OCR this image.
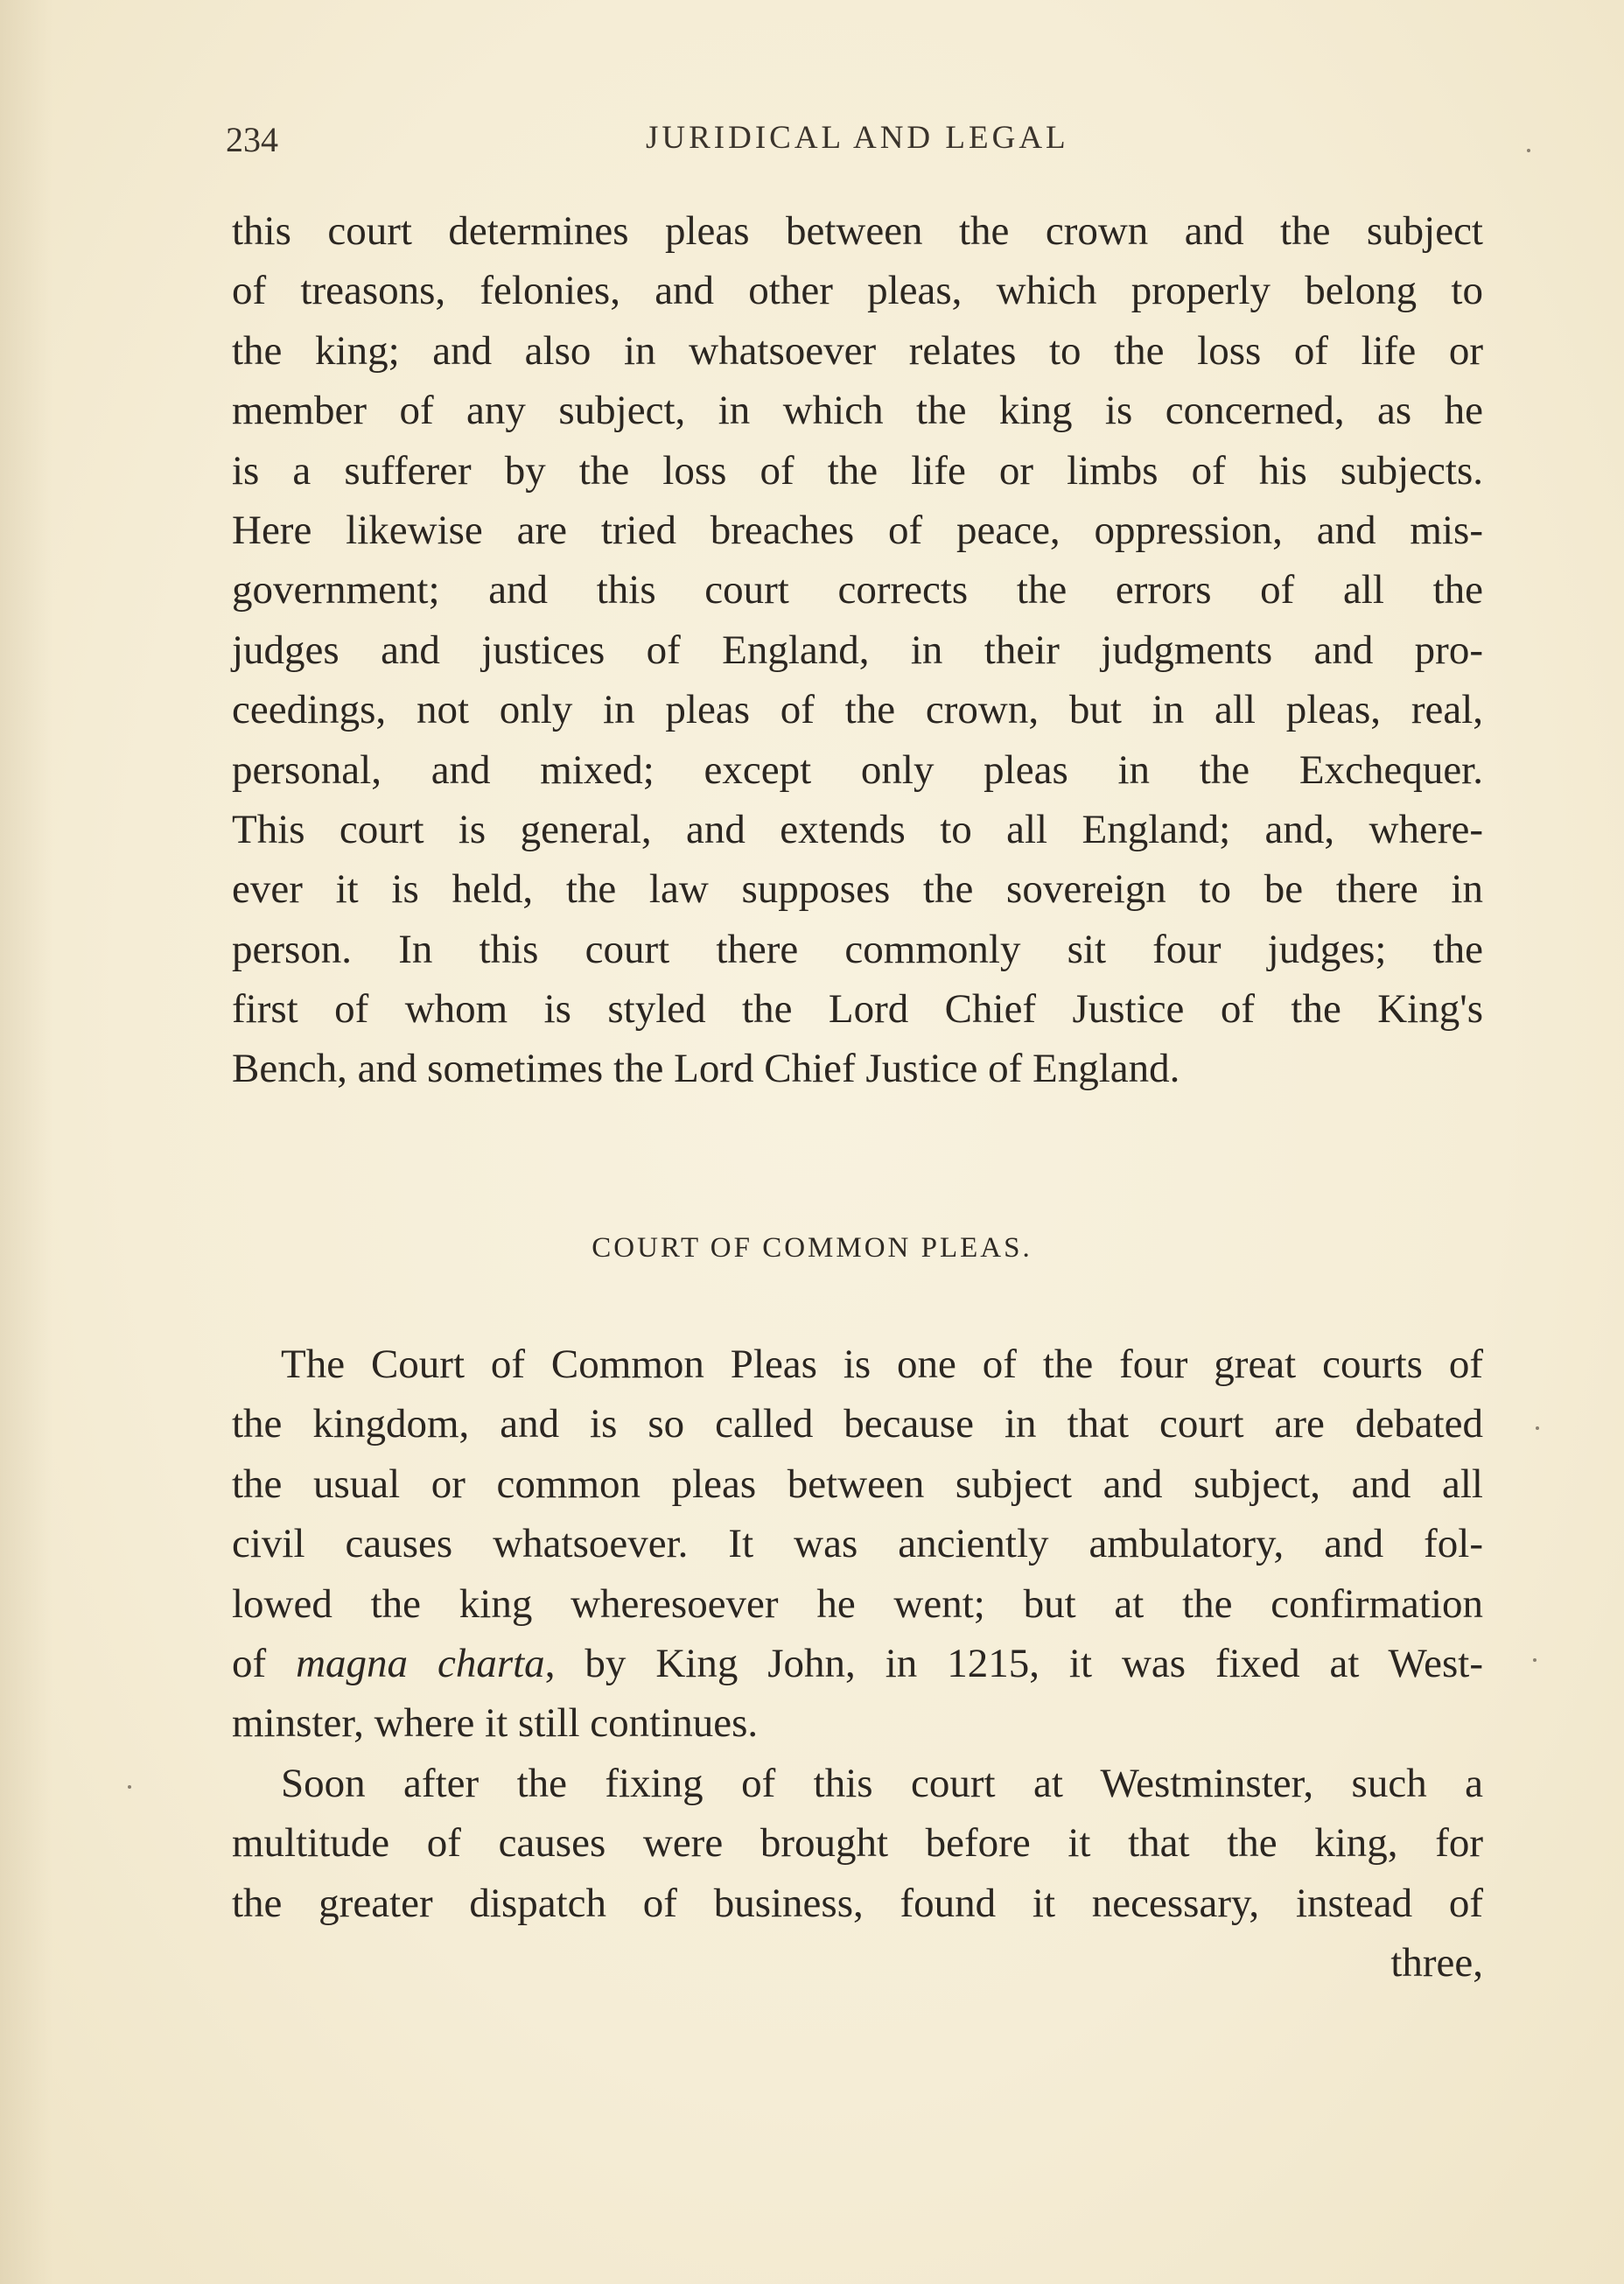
234	JURIDICAL AND LEGAL
this court determines pleas between the crown and the subject
of treasons, felonies, and other pleas, which properly belong to
the king; and also in whatsoever relates to the loss of life or
member of any subject, in which the king is concerned, as he
is a sufferer by the loss of the life or limbs of his subjects.
Here likewise are tried breaches of peace, oppression, and mis-
government; and this court corrects the errors of all the
judges and justices of England, in their judgments and pro-
ceedings, not only in pleas of the crown, but in all pleas, real,
personal, and mixed; except only pleas in the Exchequer.
This court is general, and extends to all England; and, where-
ever it is held, the law supposes the sovereign to be there in
person. In this court there commonly sit four judges; the
first of whom is styled the Lord Chief Justice of the King's
Bench, and sometimes the Lord Chief Justice of England.
COURT OF COMMON PLEAS.
The Court of Common Pleas is one of the four great courts of
the kingdom, and is so called because in that court are debated
the usual or common pleas between subject and subject, and all
civil causes whatsoever. It was anciently ambulatory, and fol-
lowed the king wheresoever he went; but at the confirmation
of magna charta, by King John, in 1215, it was fixed at West-
minster, where it still continues.
Soon after the fixing of this court at Westminster, such a
multitude of causes were brought before it that the king, for
the greater dispatch of business, found it necessary, instead of
three,
